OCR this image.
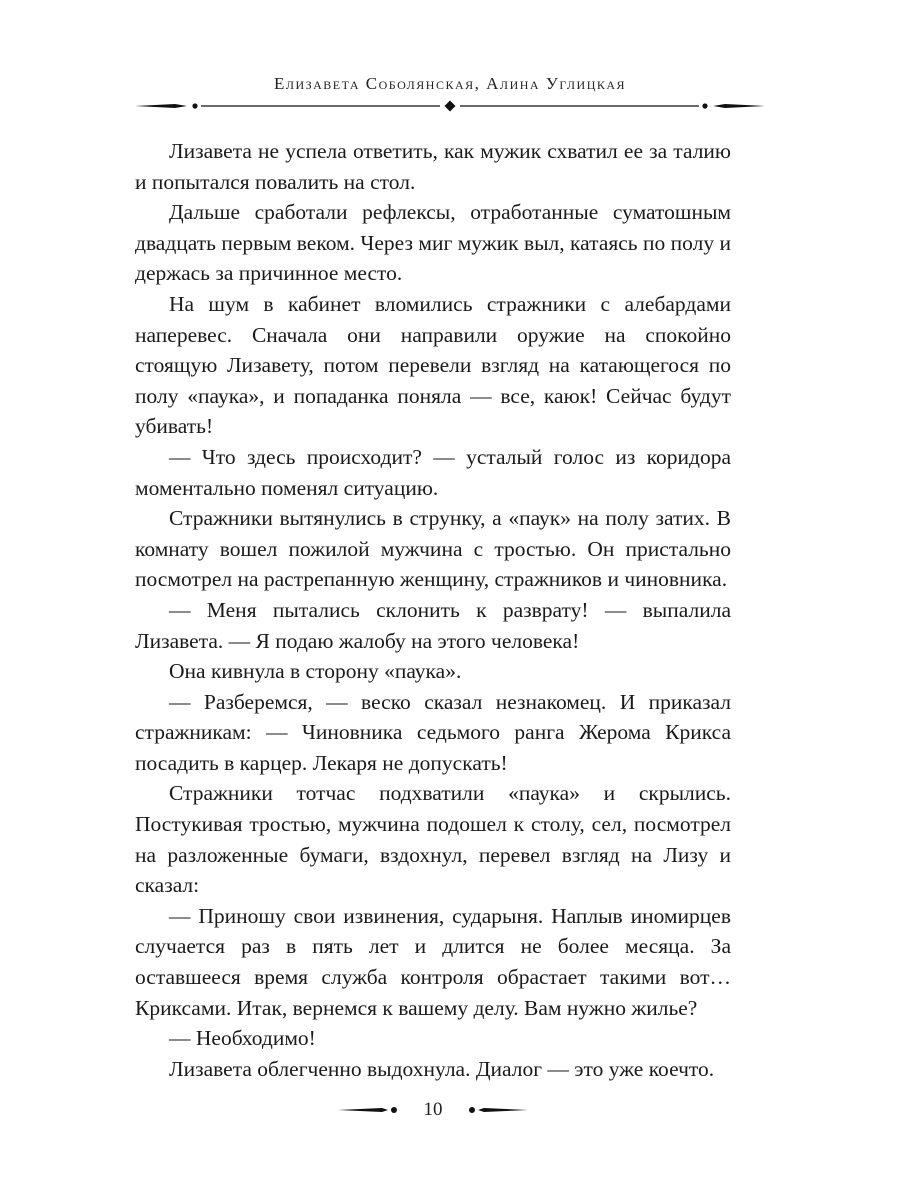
Елизавета Соболянская, Алина Углицкая

Лизавета не успела ответить, как мужик схватил ее за талию и попытался повалить на стол.

Дальше сработали рефлексы, отработанные суматошным двадцать первым веком. Через миг мужик выл, катаясь по полу и держась за причинное место.

На шум в кабинет вломились стражники с алебардами наперевес. Сначала они направили оружие на спокойно стоящую Лизавету, потом перевели взгляд на катающегося по полу «паука», и попаданка поняла — все, каюк! Сейчас будут убивать!

— Что здесь происходит? — усталый голос из коридора моментально поменял ситуацию.

Стражники вытянулись в струнку, а «паук» на полу затих. В комнату вошел пожилой мужчина с тростью. Он пристально посмотрел на растрепанную женщину, стражников и чиновника.

— Меня пытались склонить к разврату! — выпалила Лизавета. — Я подаю жалобу на этого человека!

Она кивнула в сторону «паука».

— Разберемся, — веско сказал незнакомец. И приказал стражникам: — Чиновника седьмого ранга Жерома Крикса посадить в карцер. Лекаря не допускать!

Стражники тотчас подхватили «паука» и скрылись. Постукивая тростью, мужчина подошел к столу, сел, посмотрел на разложенные бумаги, вздохнул, перевел взгляд на Лизу и сказал:

— Приношу свои извинения, сударыня. Наплыв иномирцев случается раз в пять лет и длится не более месяца. За оставшееся время служба контроля обрастает такими вот… Криксами. Итак, вернемся к вашему делу. Вам нужно жилье?

— Необходимо!

Лизавета облегченно выдохнула. Диалог — это уже коечто.

10
